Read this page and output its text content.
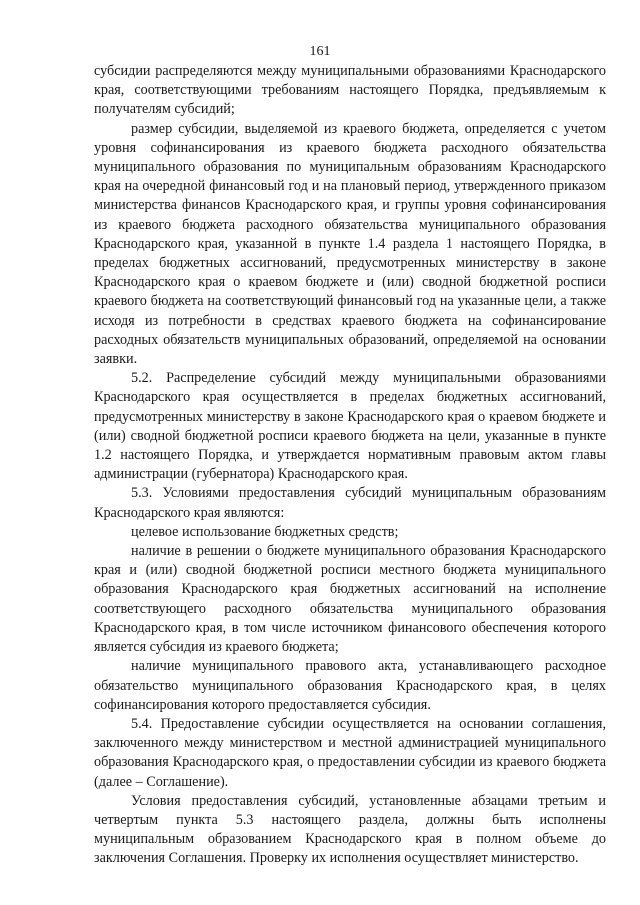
161

субсидии распределяются между муниципальными образованиями Краснодарского края, соответствующими требованиям настоящего Порядка, предъявляемым к получателям субсидий;

размер субсидии, выделяемой из краевого бюджета, определяется с учетом уровня софинансирования из краевого бюджета расходного обязательства муниципального образования по муниципальным образованиям Краснодарского края на очередной финансовый год и на плановый период, утвержденного приказом министерства финансов Краснодарского края, и группы уровня софинансирования из краевого бюджета расходного обязательства муниципального образования Краснодарского края, указанной в пункте 1.4 раздела 1 настоящего Порядка, в пределах бюджетных ассигнований, предусмотренных министерству в законе Краснодарского края о краевом бюджете и (или) сводной бюджетной росписи краевого бюджета на соответствующий финансовый год на указанные цели, а также исходя из потребности в средствах краевого бюджета на софинансирование расходных обязательств муниципальных образований, определяемой на основании заявки.

5.2. Распределение субсидий между муниципальными образованиями Краснодарского края осуществляется в пределах бюджетных ассигнований, предусмотренных министерству в законе Краснодарского края о краевом бюджете и (или) сводной бюджетной росписи краевого бюджета на цели, указанные в пункте 1.2 настоящего Порядка, и утверждается нормативным правовым актом главы администрации (губернатора) Краснодарского края.

5.3. Условиями предоставления субсидий муниципальным образованиям Краснодарского края являются:

целевое использование бюджетных средств;

наличие в решении о бюджете муниципального образования Краснодарского края и (или) сводной бюджетной росписи местного бюджета муниципального образования Краснодарского края бюджетных ассигнований на исполнение соответствующего расходного обязательства муниципального образования Краснодарского края, в том числе источником финансового обеспечения которого является субсидия из краевого бюджета;

наличие муниципального правового акта, устанавливающего расходное обязательство муниципального образования Краснодарского края, в целях софинансирования которого предоставляется субсидия.

5.4. Предоставление субсидии осуществляется на основании соглашения, заключенного между министерством и местной администрацией муниципального образования Краснодарского края, о предоставлении субсидии из краевого бюджета (далее – Соглашение).

Условия предоставления субсидий, установленные абзацами третьим и четвертым пункта 5.3 настоящего раздела, должны быть исполнены муниципальным образованием Краснодарского края в полном объеме до заключения Соглашения. Проверку их исполнения осуществляет министерство.
